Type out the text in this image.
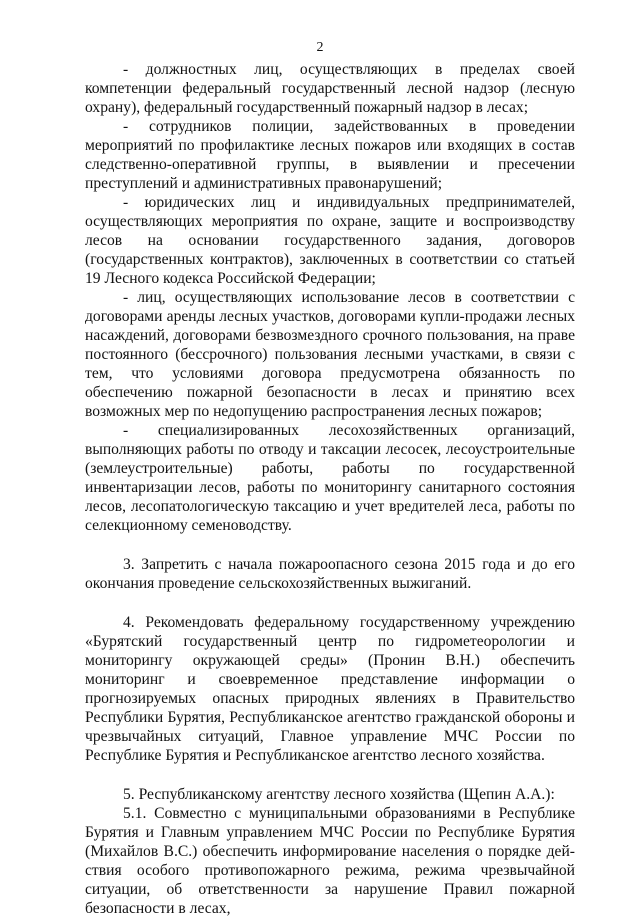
2

- должностных лиц, осуществляющих в пределах своей компетенции федеральный государственный лесной надзор (лесную охрану), федеральный государственный пожарный надзор в лесах;

- сотрудников полиции, задействованных в проведении мероприятий по профилактике лесных пожаров или входящих в состав следственно-оперативной группы, в выявлении и пресечении преступлений и административных правонарушений;

- юридических лиц и индивидуальных предпринимателей, осуществляющих мероприятия по охране, защите и воспроизводству лесов на основании государственного задания, договоров (государственных контрактов), заключенных в соответствии со статьей 19 Лесного кодекса Российской Федерации;

- лиц, осуществляющих использование лесов в соответствии с договорами аренды лесных участков, договорами купли-продажи лесных насаждений, договорами безвозмездного срочного пользования, на праве постоянного (бессрочного) пользования лесными участками, в связи с тем, что условиями договора предусмотрена обязанность по обеспечению пожарной безопасности в лесах и принятию всех возможных мер по недопущению распространения лесных пожаров;

- специализированных лесохозяйственных организаций, выполняющих работы по отводу и таксации лесосек, лесоустроительные (землеустроительные) работы, работы по государственной инвентаризации лесов, работы по мониторингу санитарного состояния лесов, лесопатологическую таксацию и учет вредителей леса, работы по селекционному семеноводству.

3. Запретить с начала пожароопасного сезона 2015 года и до его окончания проведение сельскохозяйственных выжиганий.

4. Рекомендовать федеральному государственному учреждению «Бурятский государственный центр по гидрометеорологии и мониторингу окружающей среды» (Пронин В.Н.) обеспечить мониторинг и своевременное представление информации о прогнозируемых опасных природных явлениях в Правительство Республики Бурятия, Республиканское агентство гражданской обороны и чрезвычайных ситуаций, Главное управление МЧС России по Республике Бурятия и Республиканское агентство лесного хозяйства.

5. Республиканскому агентству лесного хозяйства (Щепин А.А.):

5.1. Совместно с муниципальными образованиями в Республике Бурятия и Главным управлением МЧС России по Республике Бурятия (Михайлов В.С.) обеспечить информирование населения о порядке действия особого противопожарного режима, режима чрезвычайной ситуации, об ответственности за нарушение Правил пожарной безопасности в лесах,
